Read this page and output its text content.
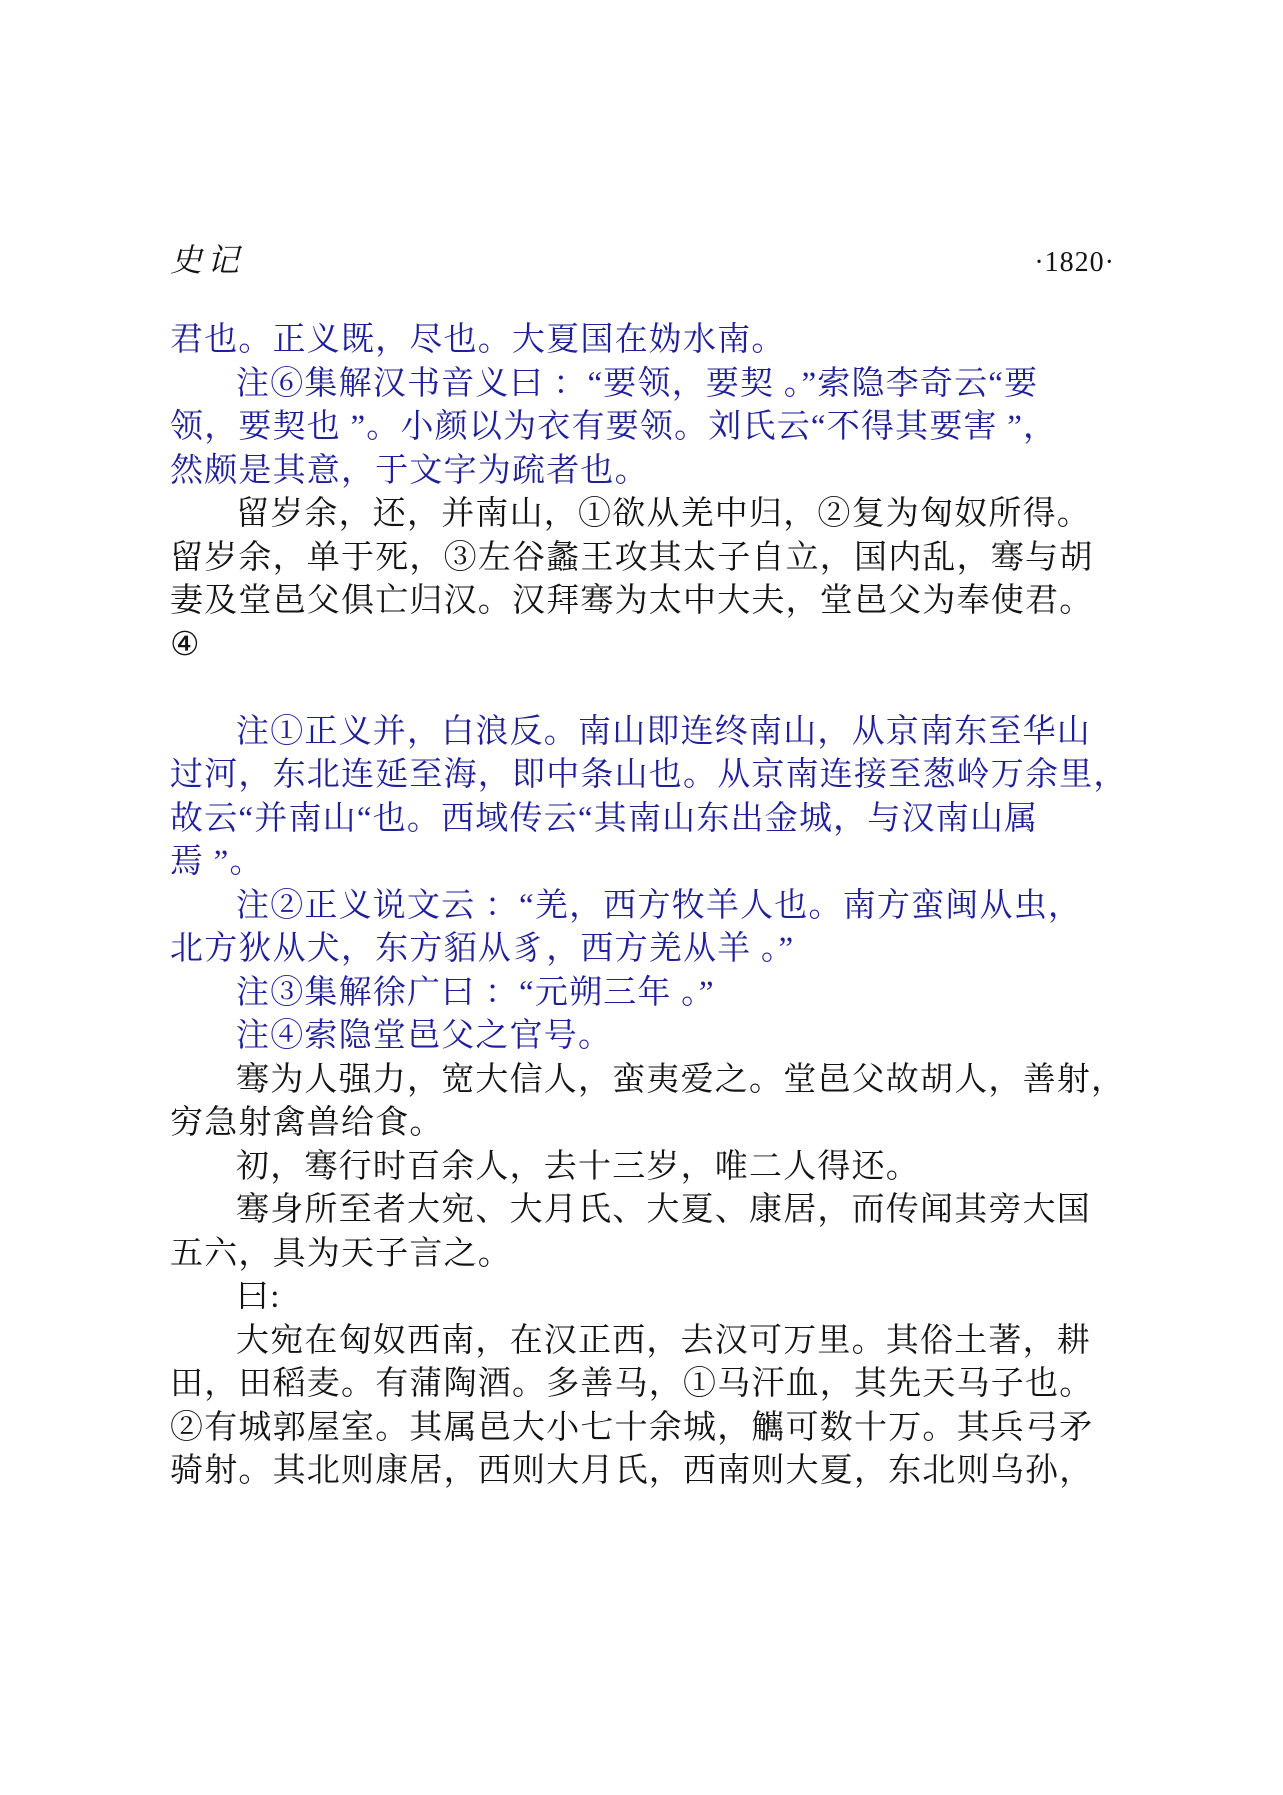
史记	·1820·
君也。正义既，尽也。大夏国在妫水南。
注⑥集解汉书音义曰 ：“要领，要契 。”索隐李奇云“要
领，要契也 ”。小颜以为衣有要领。刘氏云“不得其要害 ”，
然颇是其意，于文字为疏者也。
留岁余，还，并南山，①欲从羌中归，②复为匈奴所得。
留岁余，单于死，③左谷蠡王攻其太子自立，国内乱，骞与胡
妻及堂邑父俱亡归汉。汉拜骞为太中大夫，堂邑父为奉使君。
④
注①正义并，白浪反。南山即连终南山，从京南东至华山
过河，东北连延至海，即中条山也。从京南连接至葱岭万余里，
故云“并南山“也。西域传云“其南山东出金城，与汉南山属
焉 ”。
注②正义说文云 ：“羌，西方牧羊人也。南方蛮闽从虫，
北方狄从犬，东方貊从豸，西方羌从羊 。”
注③集解徐广曰 ：“元朔三年 。”
注④索隐堂邑父之官号。
骞为人强力，宽大信人，蛮夷爱之。堂邑父故胡人，善射，
穷急射禽兽给食。
初，骞行时百余人，去十三岁，唯二人得还。
骞身所至者大宛、大月氏、大夏、康居，而传闻其旁大国
五六，具为天子言之。
曰:
大宛在匈奴西南，在汉正西，去汉可万里。其俗土著，耕
田，田稻麦。有蒲陶酒。多善马，①马汗血，其先天马子也。
②有城郭屋室。其属邑大小七十余城，觽可数十万。其兵弓矛
骑射。其北则康居，西则大月氏，西南则大夏，东北则乌孙，
